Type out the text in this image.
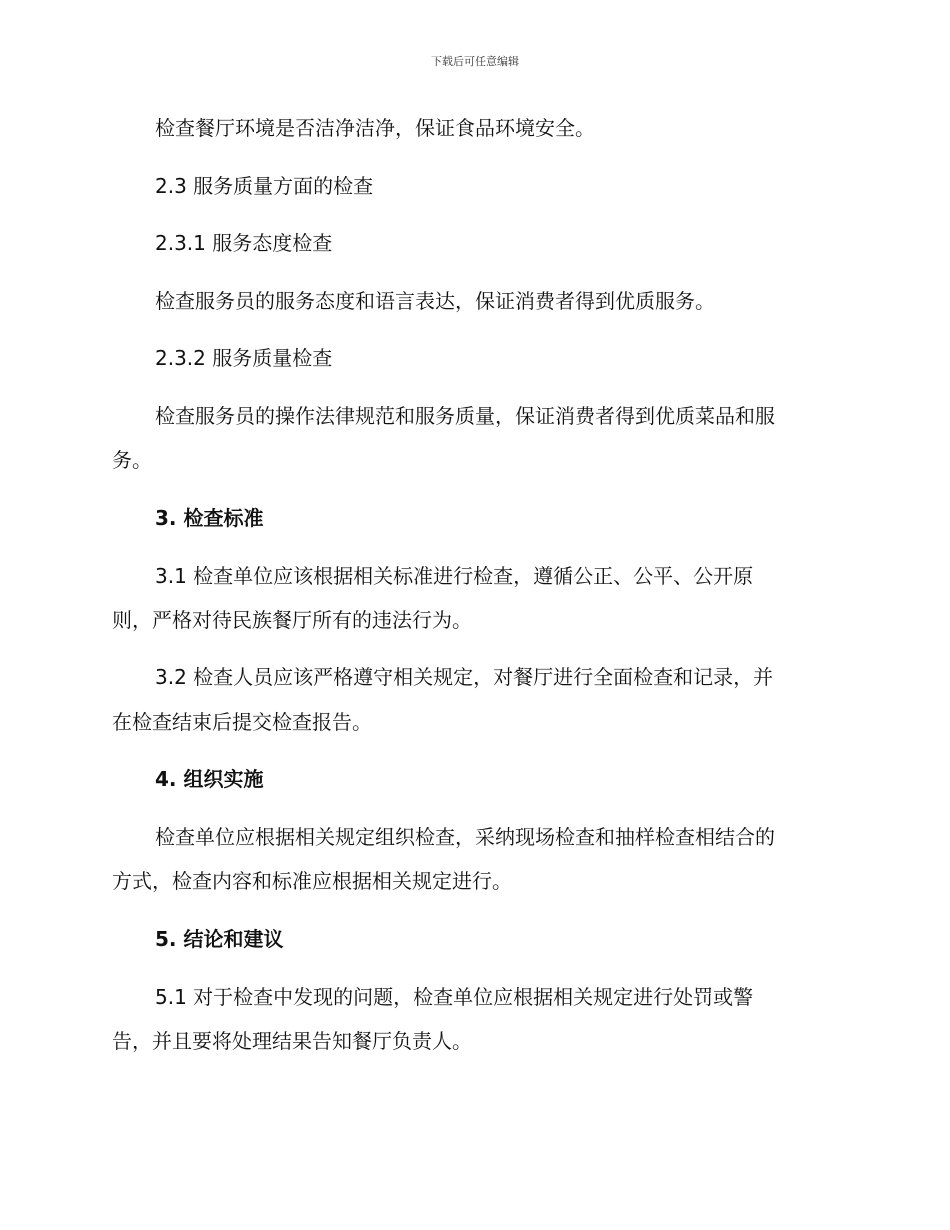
下载后可任意编辑
检查餐厅环境是否洁净洁净，保证食品环境安全。
2.3 服务质量方面的检查
2.3.1 服务态度检查
检查服务员的服务态度和语言表达，保证消费者得到优质服务。
2.3.2 服务质量检查
检查服务员的操作法律规范和服务质量，保证消费者得到优质菜品和服
务。
3. 检查标准
3.1 检查单位应该根据相关标准进行检查，遵循公正、公平、公开原
则，严格对待民族餐厅所有的违法行为。
3.2 检查人员应该严格遵守相关规定，对餐厅进行全面检查和记录，并
在检查结束后提交检查报告。
4. 组织实施
检查单位应根据相关规定组织检查，采纳现场检查和抽样检查相结合的
方式，检查内容和标准应根据相关规定进行。
5. 结论和建议
5.1 对于检查中发现的问题，检查单位应根据相关规定进行处罚或警
告，并且要将处理结果告知餐厅负责人。
